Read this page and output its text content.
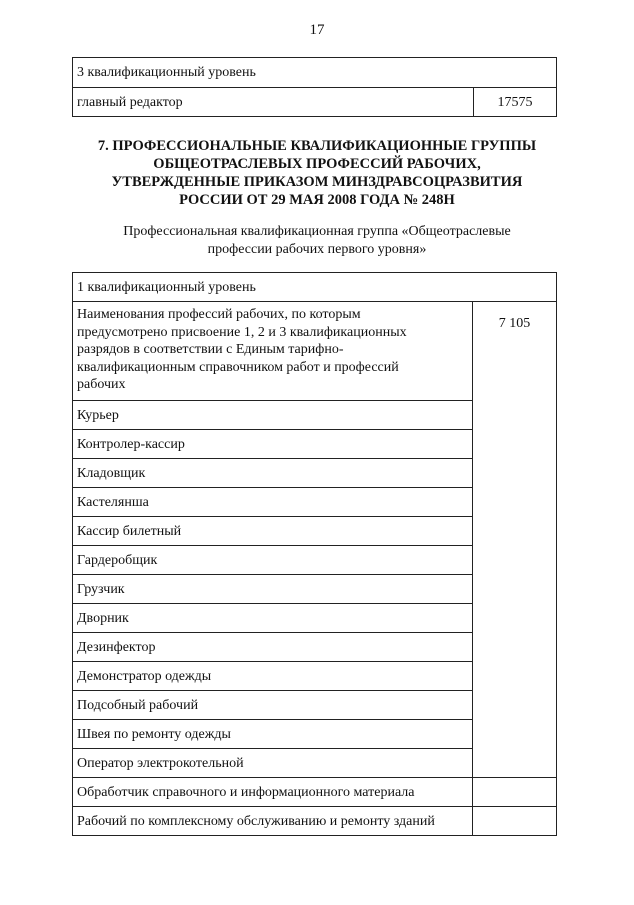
17
3 квалификационный уровень
главный редактор	17575
7. ПРОФЕССИОНАЛЬНЫЕ КВАЛИФИКАЦИОННЫЕ ГРУППЫ
ОБЩЕОТРАСЛЕВЫХ ПРОФЕССИЙ РАБОЧИХ,
УТВЕРЖДЕННЫЕ ПРИКАЗОМ МИНЗДРАВСОЦРАЗВИТИЯ
РОССИИ ОТ 29 МАЯ 2008 ГОДА № 248Н
Профессиональная квалификационная группа «Общеотраслевые
профессии рабочих первого уровня»
1 квалификационный уровень	

Наименования профессий рабочих, по которым
предусмотрено присвоение 1, 2 и 3 квалификационных
разрядов в соответствии с Единым тарифно-
квалификационным справочником работ и профессий
рабочих	7 105
Курьер	
Контролер-кассир	
Кладовщик	
Кастелянша	
Кассир билетный	
Гардеробщик	
Грузчик	
Дворник	
Дезинфектор	
Демонстратор одежды	
Подсобный рабочий	
Швея по ремонту одежды	
Оператор электрокотельной	
Обработчик справочного и информационного материала	
Рабочий по комплексному обслуживанию и ремонту зданий	
